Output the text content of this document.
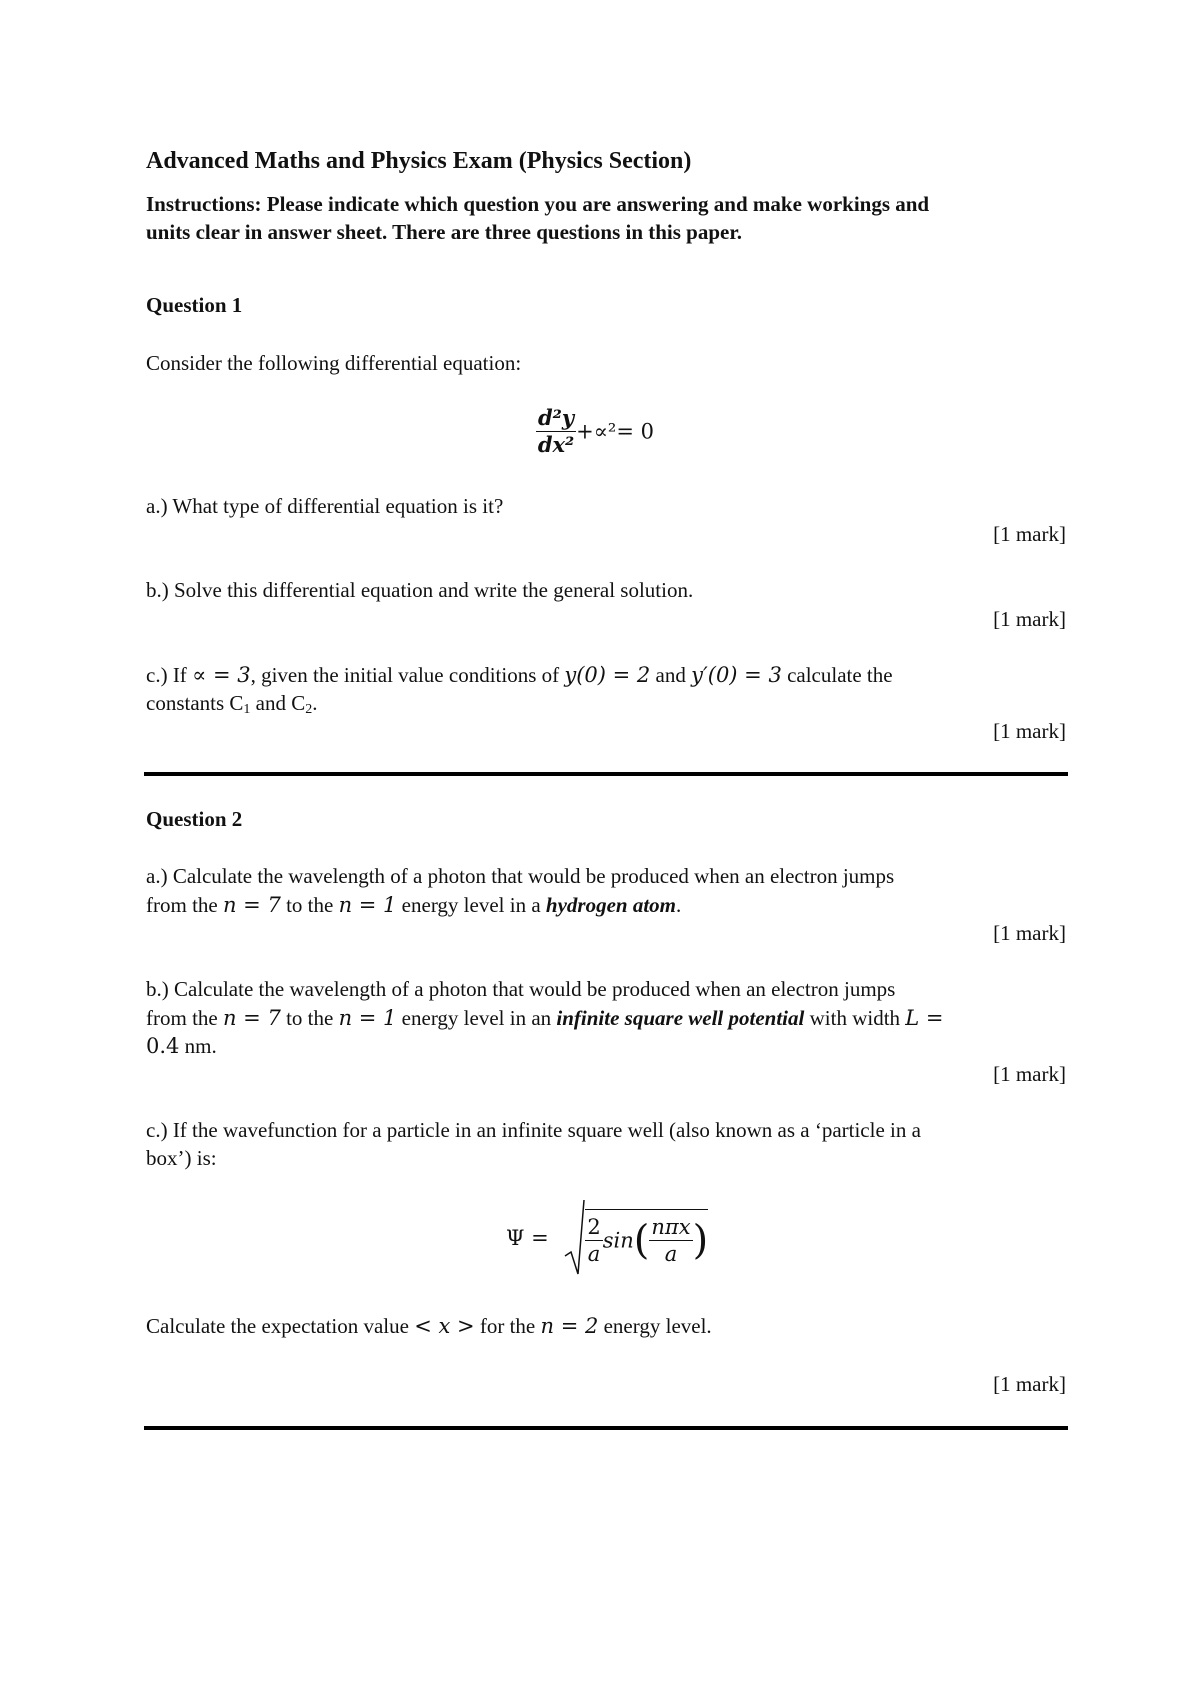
Advanced Maths and Physics Exam (Physics Section)
Instructions: Please indicate which question you are answering and make workings and
units clear in answer sheet. There are three questions in this paper.
Question 1
Consider the following differential equation:
$\frac{\text{d²y}}{\text{dx²}} +\propto^2= 0$
a.) What type of differential equation is it?
[1 mark]
b.) Solve this differential equation and write the general solution.
[1 mark]
c.) If ∝ = 3, given the initial value conditions of y(0) = 2 and y′(0) = 3 calculate the
constants $C_1$ and $C_2$.
[1 mark]
Question 2
a.) Calculate the wavelength of a photon that would be produced when an electron jumps
from the n = 7 to the n = 1 energy level in a hydrogen atom.
[1 mark]
b.) Calculate the wavelength of a photon that would be produced when an electron jumps
from the n = 7 to the n = 1 energy level in an infinite square well potential with width L =
0.4 nm.
[1 mark]
c.) If the wavefunction for a particle in an infinite square well (also known as a ‘particle in a
box’) is:
$\Psi = \frac{2}{a} \sin( \frac{\text{nπx}}{a}$ )
Calculate the expectation value < x > for the n = 2 energy level.
[1 mark]
